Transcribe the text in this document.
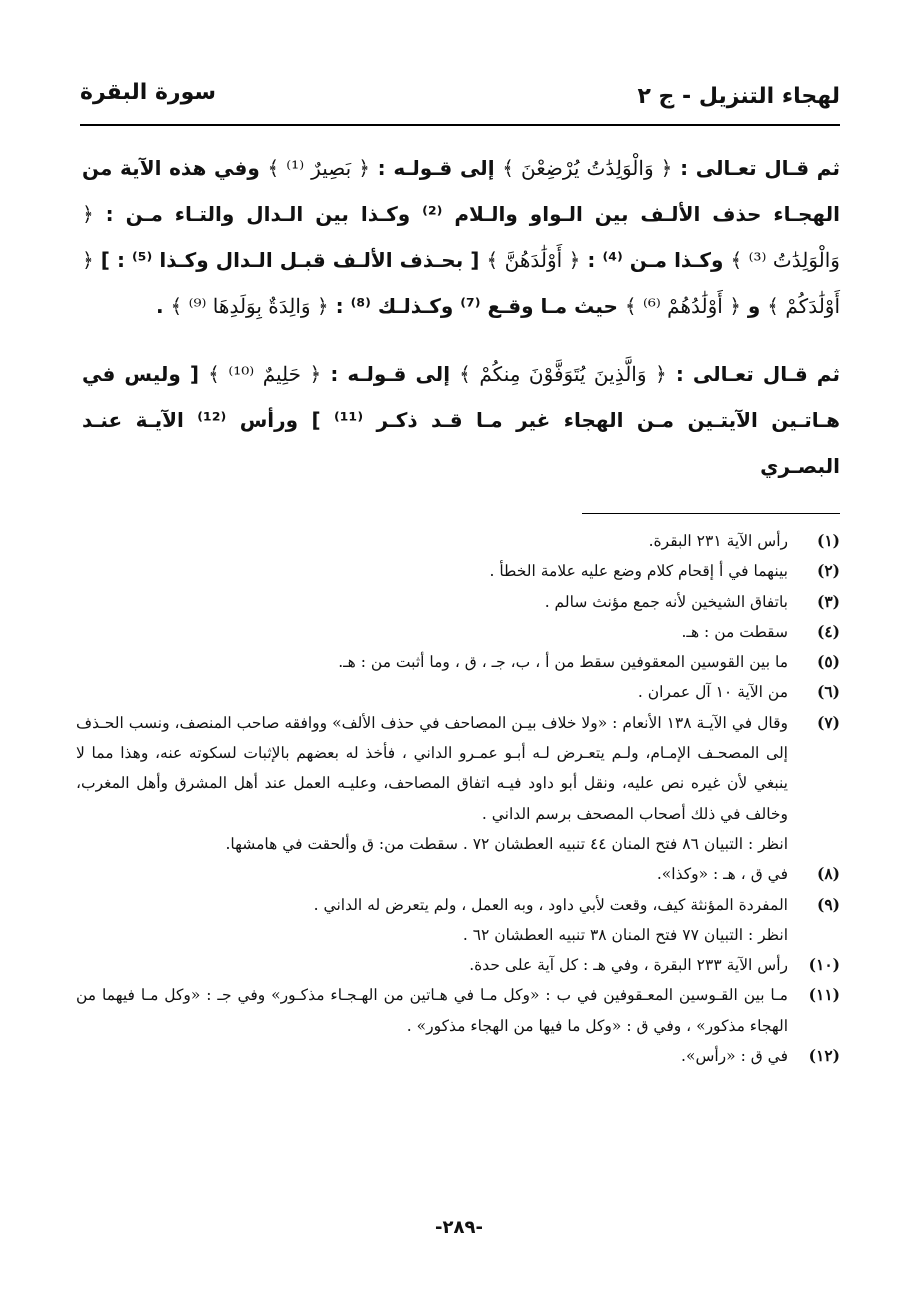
لهجاء التنزيل - ج ٢
سورة البقرة

ثم قـال تعـالى : ﴿ وَالْوَلِدَٰتُ يُرْضِعْنَ ﴾ إلى قـولـه : ﴿ بَصِيرٌ ⁽¹⁾ ﴾ وفي هذه الآية من الهجـاء حذف الألـف بين الـواو والـلام ⁽²⁾ وكـذا بين الـدال والتـاء مـن : ﴿ وَالْوَلِدَٰتُ ⁽³⁾ ﴾ وكـذا مـن ⁽⁴⁾ : ﴿ أَوْلَٰدَهُنَّ ﴾ [ بحـذف الألـف قبـل الـدال وكـذا ⁽⁵⁾ : ] ﴿ أَوْلَٰدَكُمْ ﴾ و ﴿ أَوْلَٰدُهُمْ ⁽⁶⁾ ﴾ حيث مـا وقـع ⁽⁷⁾ وكـذلـك ⁽⁸⁾ : ﴿ وَالِدَةٌ بِوَلَدِهَا ⁽⁹⁾ ﴾ .

ثم قـال تعـالى : ﴿ وَالَّذِينَ يُتَوَفَّوْنَ مِنكُمْ ﴾ إلى قـولـه : ﴿ حَلِيمٌ ⁽¹⁰⁾ ﴾ [ وليس في هـاتـين الآيتـين مـن الهجاء غير مـا قـد ذكـر ⁽¹¹⁾ ] ورأس ⁽¹²⁾ الآيـة عنـد البصـري

(١)
رأس الآية ٢٣١ البقرة.
(٢)
بينهما في أ إقحام كلام وضع عليه علامة الخطأ .
(٣)
باتفاق الشيخين لأنه جمع مؤنث سالم .
(٤)
سقطت من : هـ.
(٥)
ما بين القوسين المعقوفين سقط من أ ، ب، جـ ، ق ، وما أثبت من : هـ.
(٦)
من الآية ١٠ آل عمران .
(٧)
وقال في الآيـة ١٣٨ الأنعام : «ولا خلاف بيـن المصاحف في حذف الألف» ووافقه صاحب المنصف، ونسب الحـذف إلى المصحـف الإمـام، ولـم يتعـرض لـه أبـو عمـرو الداني ، فأخذ له بعضهم بالإثبات لسكوته عنه، وهذا مما لا ينبغي لأن غيره نص عليه، ونقل أبو داود فيـه اتفاق المصاحف، وعليـه العمل عند أهل المشرق وأهل المغرب، وخالف في ذلك أصحاب المصحف برسم الداني .
انظر : التبيان ٨٦ فتح المنان ٤٤ تنبيه العطشان ٧٢ . سقطت من: ق وألحقت في هامشها.
(٨)
في ق ، هـ : «وكذا».
(٩)
المفردة المؤنثة كيف، وقعت لأبي داود ، وبه العمل ، ولم يتعرض له الداني .
انظر : التبيان ٧٧ فتح المنان ٣٨ تنبيه العطشان ٦٢ .
(١٠)
رأس الآية ٢٣٣ البقرة ، وفي هـ : كل آية على حدة.
(١١)
مـا بين القـوسين المعـقوفين في ب : «وكل مـا في هـاتين من الهـجـاء مذكـور» وفي جـ : «وكل مـا فيهما من الهجاء مذكور» ، وفي ق : «وكل ما فيها من الهجاء مذكور» .
(١٢)
في ق : «رأس».
-٢٨٩-
